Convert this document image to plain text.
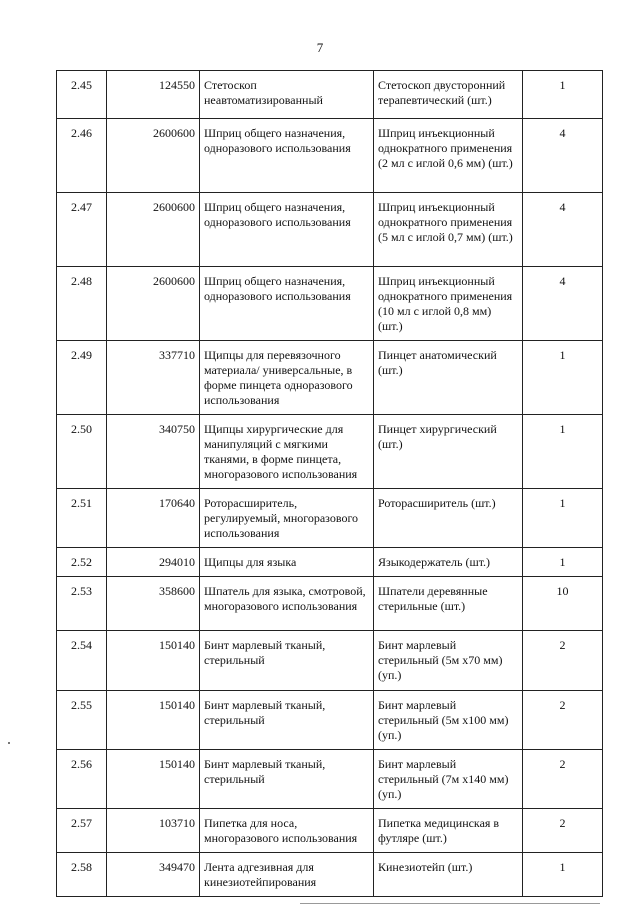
7
2.45	124550	Стетоскоп неавтоматизированный	Стетоскоп двусторонний терапевтический (шт.)	1
2.46	2600600	Шприц общего назначения, одноразового использования	Шприц инъекционный однократного применения (2 мл с иглой 0,6 мм) (шт.)	4
2.47	2600600	Шприц общего назначения, одноразового использования	Шприц инъекционный однократного применения (5 мл с иглой 0,7 мм) (шт.)	4
2.48	2600600	Шприц общего назначения, одноразового использования	Шприц инъекционный однократного применения (10 мл с иглой 0,8 мм) (шт.)	4
2.49	337710	Щипцы для перевязочного материала/ универсальные, в форме пинцета одноразового использования	Пинцет анатомический (шт.)	1
2.50	340750	Щипцы хирургические для манипуляций с мягкими тканями, в форме пинцета, многоразового использования	Пинцет хирургический (шт.)	1
2.51	170640	Роторасширитель, регулируемый, многоразового использования	Роторасширитель (шт.)	1
2.52	294010	Щипцы для языка	Языкодержатель (шт.)	1
2.53	358600	Шпатель для языка, смотровой, многоразового использования	Шпатели деревянные стерильные (шт.)	10
2.54	150140	Бинт марлевый тканый, стерильный	Бинт марлевый стерильный (5м х70 мм) (уп.)	2
2.55	150140	Бинт марлевый тканый, стерильный	Бинт марлевый стерильный (5м х100 мм) (уп.)	2
2.56	150140	Бинт марлевый тканый, стерильный	Бинт марлевый стерильный (7м х140 мм) (уп.)	2
2.57	103710	Пипетка для носа, многоразового использования	Пипетка медицинская в футляре (шт.)	2
2.58	349470	Лента адгезивная для кинезиотейпирования	Кинезиотейп (шт.)	1
